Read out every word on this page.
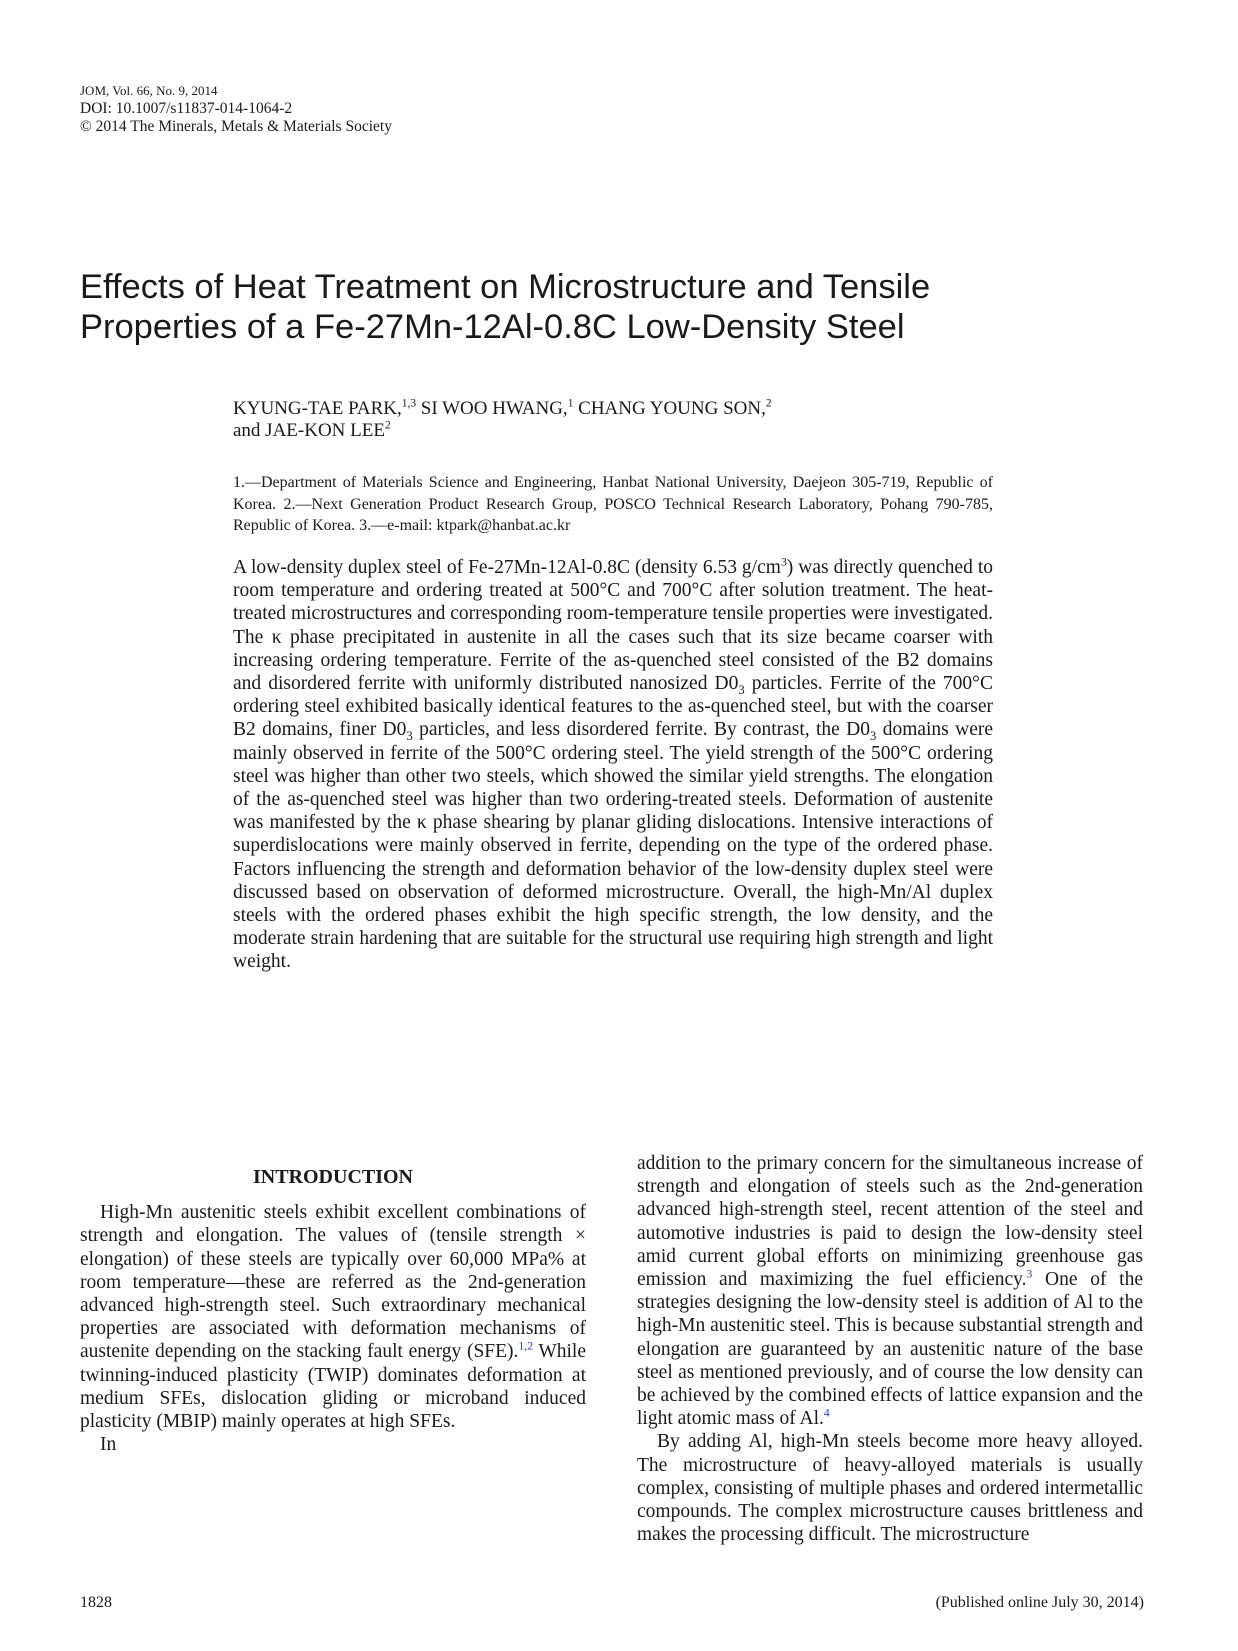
JOM, Vol. 66, No. 9, 2014
DOI: 10.1007/s11837-014-1064-2
© 2014 The Minerals, Metals & Materials Society
Effects of Heat Treatment on Microstructure and Tensile
Properties of a Fe-27Mn-12Al-0.8C Low-Density Steel
KYUNG-TAE PARK,$^{1,3}$ SI WOO HWANG,$^1$ CHANG YOUNG SON,$^2$
and JAE-KON LEE$^2$
1.—Department of Materials Science and Engineering, Hanbat National University, Daejeon 305-719, Republic of Korea. 2.—Next Generation Product Research Group, POSCO Technical Research Laboratory, Pohang 790-785, Republic of Korea. 3.—e-mail: ktpark@hanbat.ac.kr
A low-density duplex steel of Fe-27Mn-12Al-0.8C (density 6.53 $g/cm^3$) was directly quenched to room temperature and ordering treated at 500°C and 700°C after solution treatment. The heat-treated microstructures and corresponding room-temperature tensile properties were investigated. The κ phase precipitated in austenite in all the cases such that its size became coarser with increasing ordering temperature. Ferrite of the as-quenched steel consisted of the B2 domains and disordered ferrite with uniformly distributed nanosized $D0_3$ particles. Ferrite of the 700°C ordering steel exhibited basically identical features to the as-quenched steel, but with the coarser B2 domains, finer $D0_3$ particles, and less disordered ferrite. By contrast, the $D0_3$ domains were mainly observed in ferrite of the 500°C ordering steel. The yield strength of the 500°C ordering steel was higher than other two steels, which showed the similar yield strengths. The elongation of the as-quenched steel was higher than two ordering-treated steels. Deformation of austenite was manifested by the κ phase shearing by planar gliding dislocations. Intensive interactions of superdislocations were mainly observed in ferrite, depending on the type of the ordered phase. Factors influencing the strength and deformation behavior of the low-density duplex steel were discussed based on observation of deformed microstructure. Overall, the high-Mn/Al duplex steels with the ordered phases exhibit the high specific strength, the low density, and the moderate strain hardening that are suitable for the structural use requiring high strength and light weight.
INTRODUCTION

High-Mn austenitic steels exhibit excellent combinations of strength and elongation. The values of (tensile strength × elongation) of these steels are typically over 60,000 MPa% at room temperature—these are referred as the 2nd-generation advanced high-strength steel. Such extraordinary mechanical properties are associated with deformation mechanisms of austenite depending on the stacking fault energy (SFE).$^{1,2}$ While twinning-induced plasticity (TWIP) dominates deformation at medium SFEs, dislocation gliding or microband induced plasticity (MBIP) mainly operates at high SFEs.

In

addition to the primary concern for the simultaneous increase of strength and elongation of steels such as the 2nd-generation advanced high-strength steel, recent attention of the steel and automotive industries is paid to design the low-density steel amid current global efforts on minimizing greenhouse gas emission and maximizing the fuel efficiency.$^3$ One of the strategies designing the low-density steel is addition of Al to the high-Mn austenitic steel. This is because substantial strength and elongation are guaranteed by an austenitic nature of the base steel as mentioned previously, and of course the low density can be achieved by the combined effects of lattice expansion and the light atomic mass of Al.$^4$

By adding Al, high-Mn steels become more heavy alloyed. The microstructure of heavy-alloyed materials is usually complex, consisting of multiple phases and ordered intermetallic compounds. The complex microstructure causes brittleness and makes the processing difficult. The microstructure

1828	(Published online July 30, 2014)
